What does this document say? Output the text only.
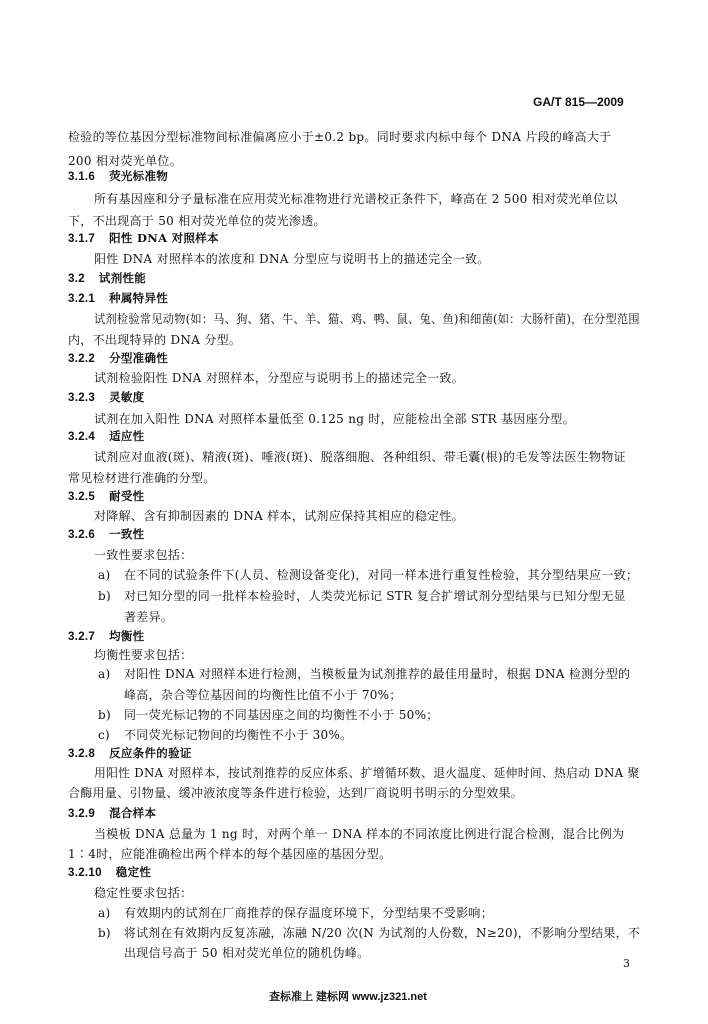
GA/T 815—2009
检验的等位基因分型标准物间标准偏离应小于±0.2 bp。同时要求内标中每个 DNA 片段的峰高大于
200 相对荧光单位。
3.1.6 荧光标准物
所有基因座和分子量标准在应用荧光标准物进行光谱校正条件下，峰高在 2 500 相对荧光单位以
下，不出现高于 50 相对荧光单位的荧光渗透。
3.1.7 阳性 DNA 对照样本
阳性 DNA 对照样本的浓度和 DNA 分型应与说明书上的描述完全一致。
3.2 试剂性能
3.2.1 种属特异性
试剂检验常见动物(如：马、狗、猪、牛、羊、猫、鸡、鸭、鼠、兔、鱼)和细菌(如：大肠杆菌)，在分型范围
内，不出现特异的 DNA 分型。
3.2.2 分型准确性
试剂检验阳性 DNA 对照样本，分型应与说明书上的描述完全一致。
3.2.3 灵敏度
试剂在加入阳性 DNA 对照样本量低至 0.125 ng 时，应能检出全部 STR 基因座分型。
3.2.4 适应性
试剂应对血液(斑)、精液(斑)、唾液(斑)、脱落细胞、各种组织、带毛囊(根)的毛发等法医生物物证
常见检材进行准确的分型。
3.2.5 耐受性
对降解、含有抑制因素的 DNA 样本，试剂应保持其相应的稳定性。
3.2.6 一致性
一致性要求包括：
a) 在不同的试验条件下(人员、检测设备变化)，对同一样本进行重复性检验，其分型结果应一致；
b) 对已知分型的同一批样本检验时，人类荧光标记 STR 复合扩增试剂分型结果与已知分型无显
著差异。
3.2.7 均衡性
均衡性要求包括：
a) 对阳性 DNA 对照样本进行检测，当模板量为试剂推荐的最佳用量时，根据 DNA 检测分型的
峰高，杂合等位基因间的均衡性比值不小于 70%；
b) 同一荧光标记物的不同基因座之间的均衡性不小于 50%；
c) 不同荧光标记物间的均衡性不小于 30%。
3.2.8 反应条件的验证
用阳性 DNA 对照样本，按试剂推荐的反应体系、扩增循环数、退火温度、延伸时间、热启动 DNA 聚
合酶用量、引物量、缓冲液浓度等条件进行检验，达到厂商说明书明示的分型效果。
3.2.9 混合样本
当模板 DNA 总量为 1 ng 时，对两个单一 DNA 样本的不同浓度比例进行混合检测，混合比例为
1∶4时，应能准确检出两个样本的每个基因座的基因分型。
3.2.10 稳定性
稳定性要求包括：
a) 有效期内的试剂在厂商推荐的保存温度环境下，分型结果不受影响；
b) 将试剂在有效期内反复冻融，冻融 N/20 次(N 为试剂的人份数，N≥20)，不影响分型结果，不
出现信号高于 50 相对荧光单位的随机伪峰。
3
查标准上 建标网 www.jz321.net
